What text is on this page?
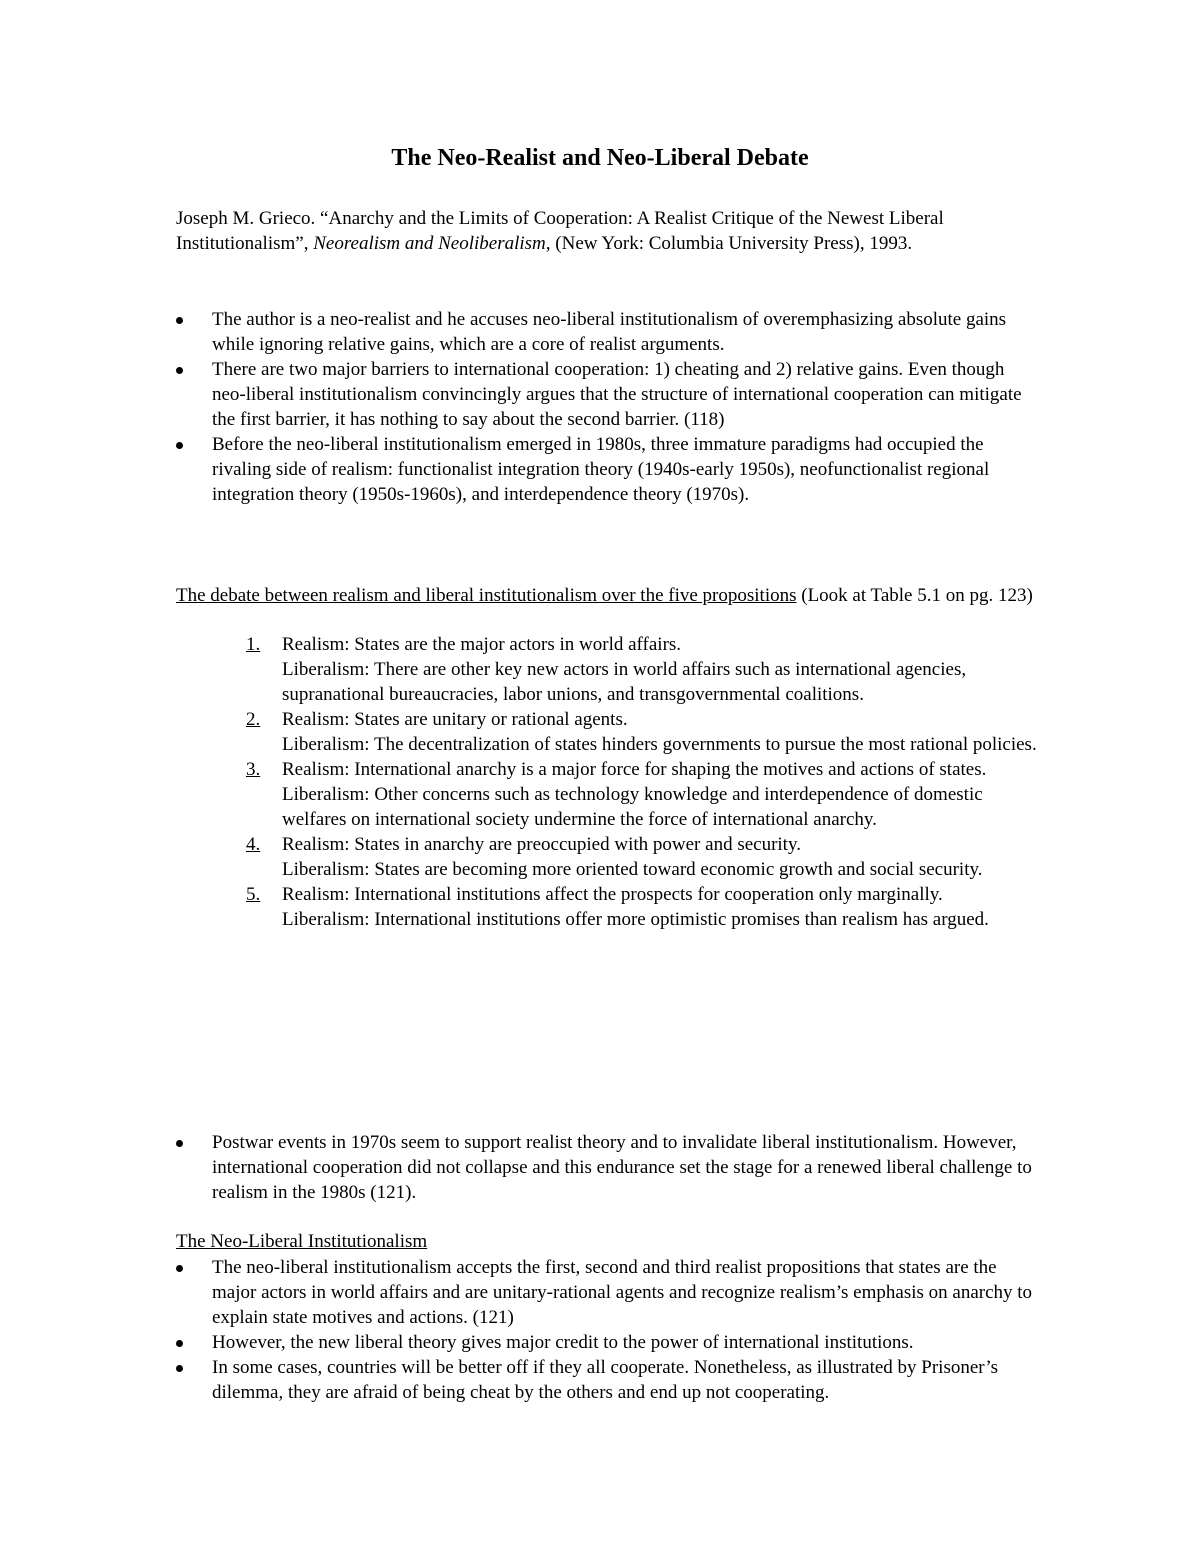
The Neo-Realist and Neo-Liberal Debate

Joseph M. Grieco. “Anarchy and the Limits of Cooperation: A Realist Critique of the Newest Liberal Institutionalism”, Neorealism and Neoliberalism, (New York: Columbia University Press), 1993.

The author is a neo-realist and he accuses neo-liberal institutionalism of overemphasizing absolute gains while ignoring relative gains, which are a core of realist arguments.
There are two major barriers to international cooperation: 1) cheating and 2) relative gains. Even though neo-liberal institutionalism convincingly argues that the structure of international cooperation can mitigate the first barrier, it has nothing to say about the second barrier. (118)
Before the neo-liberal institutionalism emerged in 1980s, three immature paradigms had occupied the rivaling side of realism: functionalist integration theory (1940s-early 1950s), neofunctionalist regional integration theory (1950s-1960s), and interdependence theory (1970s).

The debate between realism and liberal institutionalism over the five propositions (Look at Table 5.1 on pg. 123)

1. Realism: States are the major actors in world affairs.
Liberalism: There are other key new actors in world affairs such as international agencies, supranational bureaucracies, labor unions, and transgovernmental coalitions.
2. Realism: States are unitary or rational agents.
Liberalism: The decentralization of states hinders governments to pursue the most rational policies.
3. Realism: International anarchy is a major force for shaping the motives and actions of states.
Liberalism: Other concerns such as technology knowledge and interdependence of domestic welfares on international society undermine the force of international anarchy.
4. Realism: States in anarchy are preoccupied with power and security.
Liberalism: States are becoming more oriented toward economic growth and social security.
5. Realism: International institutions affect the prospects for cooperation only marginally.
Liberalism: International institutions offer more optimistic promises than realism has argued.
Postwar events in 1970s seem to support realist theory and to invalidate liberal institutionalism. However, international cooperation did not collapse and this endurance set the stage for a renewed liberal challenge to realism in the 1980s (121).

The Neo-Liberal Institutionalism

The neo-liberal institutionalism accepts the first, second and third realist propositions that states are the major actors in world affairs and are unitary-rational agents and recognize realism’s emphasis on anarchy to explain state motives and actions. (121)
However, the new liberal theory gives major credit to the power of international institutions.
In some cases, countries will be better off if they all cooperate. Nonetheless, as illustrated by Prisoner’s dilemma, they are afraid of being cheat by the others and end up not cooperating.
